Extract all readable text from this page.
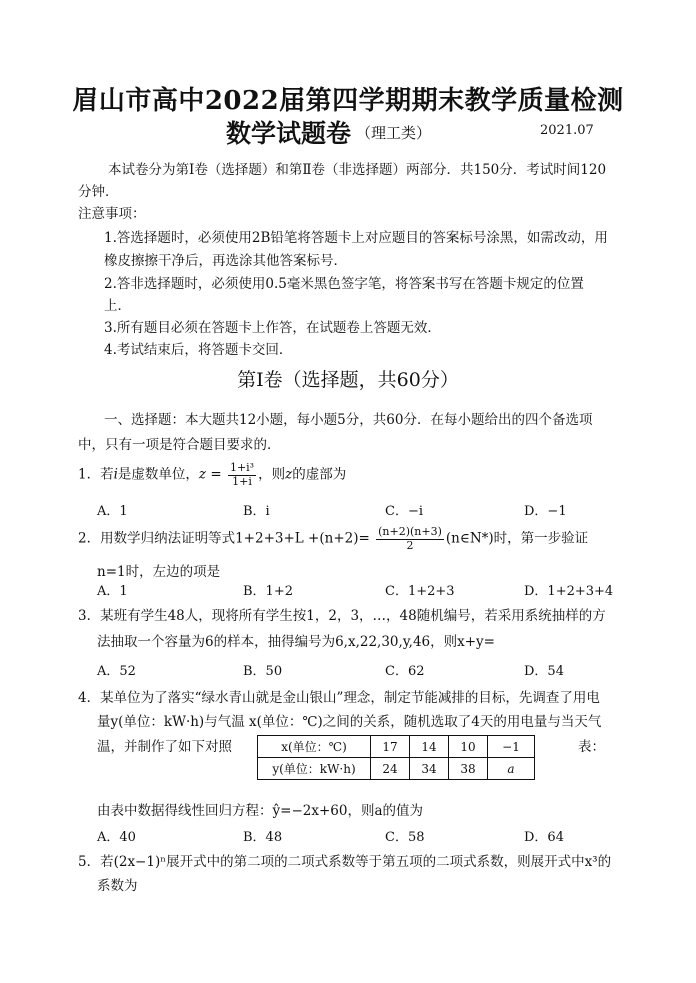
眉山市高中2022届第四学期期末教学质量检测
数学试题卷 （理工类）	2021.07
本试卷分为第Ⅰ卷（选择题）和第Ⅱ卷（非选择题）两部分．共150分．考试时间120
分钟．
注意事项：
1.答选择题时，必须使用2B铅笔将答题卡上对应题目的答案标号涂黑，如需改动，用
橡皮擦擦干净后，再选涂其他答案标号．
2.答非选择题时，必须使用0.5毫米黑色签字笔，将答案书写在答题卡规定的位置
上．
3.所有题目必须在答题卡上作答，在试题卷上答题无效．
4.考试结束后，将答题卡交回．
第Ⅰ卷（选择题，共60分）
一、选择题：本大题共12小题，每小题5分，共60分．在每小题给出的四个备选项
中，只有一项是符合题目要求的．
1．若i是虚数单位，$z = \frac{\text{1+i³}}{1+i}$ ，则z的虚部为
A．1	B．i	C．−i	D．−1
2．用数学归纳法证明等式$1+2+3+L +(n+2)= \frac{(n+2)(n+3)}{2}$ (n∈N*)时，第一步验证
n=1时，左边的项是
A．1	B．1+2	C．1+2+3	D．1+2+3+4
3．某班有学生48人，现将所有学生按1，2，3，…，48随机编号，若采用系统抽样的方
法抽取一个容量为6的样本，抽得编号为6,x,22,30,y,46，则x+y=
A．52	B．50	C．62	D．54
4．某单位为了落实“绿水青山就是金山银山”理念，制定节能减排的目标，先调查了用电
量y(单位：kW·h)与气温 x(单位：℃)之间的关系，随机选取了4天的用电量与当天气
温，并制作了如下对照	表：
x(单位：℃)	17	14	10	−1
y(单位：kW·h)	24	34	38	a
由表中数据得线性回归方程：ŷ=−2x+60，则a的值为
A．40	B．48	C．58	D．64
5．若(2x−1)ⁿ展开式中的第二项的二项式系数等于第五项的二项式系数，则展开式中x³的
系数为
